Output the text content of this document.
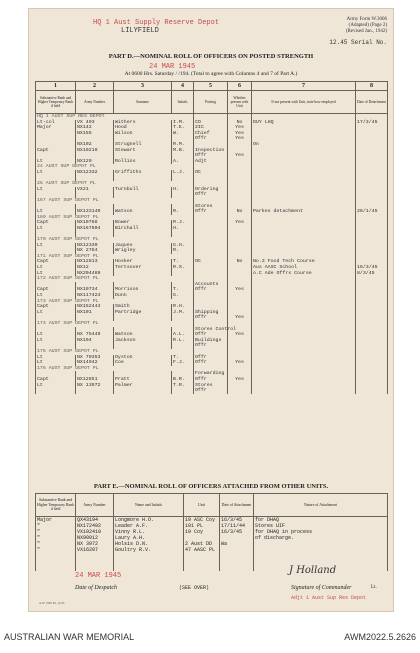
HQ 1 Aust Supply Reserve Depot
LILYFIELD
Army Form W.3006
(Adapted) (Page 2)
(Revised Jan., 1942)
12.45 Serial No.
PART D.—NOMINAL ROLL OF OFFICERS ON POSTED STRENGTH
24 MAR 1945
At 0600 Hrs. Saturday / /194. (Total to agree with Columns 4 and 7 of Part A.)
1	2	3	4	5	6	7	8
Substantive Rank and Higher Temporary Rank if held	Army Number	Surname	Initials	Posting	Whether present with Unit	If not present with Unit, state how employed	Date of Detachment
HQ 1 AUST SUP RES DEPOT							
Lt-col	VX 493	Withers	I.M.	CO	No	DUY LHQ	17/3/45
Major	NX142	Hood	T.E.	2IC	Yes		
	NX155	Wilson	W.	Chief	Yes		
				Offr	Yes		
	NX102	Strugnell	R.M.			On	
Capt	NX10219	Stewart	M.B.	Inspection			
				Offr	Yes		
Lt	NX129	Rollins	A.	Adjt			
24 AUST SUP DEPOT PL							
Lt	NX12332	Griffiths	L.J.	OC			

25 AUST SUP DEPOT PL							
Lt	VX21	Turnbull	H.	Ordering			
				Offr			
167 AUST SUP DEPOT PL							
				Stores			
Lt	NX133140	Watson	R.	Offr	No	Parkes detachment	26/1/45
169 AUST SUP DEPOT PL							
Capt	NX10768	Bower	R.J.		Yes		
Lt	NX167604	Birchall	H.				

170 AUST SUP DEPOT PL							
Lt	NX12330	Jaques	G.H.				
	NX 2784	Wrigley	R.				
171 AUST SUP DEPOT PL							
Capt	NX12813	Hosker	T.	OC	No	No.3 Food Tech Course	
Lt	NX12	Tertsover	R.S.			Aus AASC School	16/3/45
Lt	NX204489					o.C Ade Offrs Course	8/3/45
172 AUST SUP DEPOT PL							
				Accounts			
Capt	NX10734	Morrison	T.	Offr	Yes		
Lt	NX117424	Dunn	G.				
173 AUST SUP DEPOT PL							
Capt	NX152444	Smith	R.H.				
Lt	NX101	Partridge	J.M.	Shipping			
				Offr	Yes		
174 AUST SUP DEPOT PL							
				Stores Control			
Lt	NX 75449	Watson	A.L.	Offr	Yes		
Lt	NX104	Jackson	R.L.	Buildings			
				Offr			
175 AUST SUP DEPOT PL							
Lt	NX 70353	Oyston	T.	Offr			
Lt	NX14942	Coe	F.J.	Offr	Yes		
176 AUST SUP DEPOT PL							
				Forwarding			
Capt	NX12851	Pratt	B.R.	Offr	Yes		
Lt	NX 13972	Palmer	T.R.	Stores			
				Offr			
PART E.—NOMINAL ROLL OF OFFICERS ATTACHED FROM OTHER UNITS.
Substantive Rank and Higher Temporary Rank if held	Army Number	Name and Initials	Unit	Date of Attachment	Nature of Attachment
Major	QX43194	Longmore H.O.	19 ASC Coy	16/3/45	for DHAQ
"	NX172492	Leader A.F.	101 PL	17/11/44	Stores UIF
"	VX102410	Vinny R.L.	19 Coy	16/3/45	for DHAQ in process
"	NX90912	Laury A.H.			of discharge.
"	NX 3972	Holsis D.N.	2 Aust DD	Wa	
"	VX16207	Goultry R.V.	47 AASC PL		

24 MAR 1945
Date of Despatch	(SEE OVER)
J Holland
Signature of Commander	Lt.
Adjt 1 Aust Sup Res Depot
A.W. 1985 Ed. 12/43
AUSTRALIAN WAR MEMORIAL	AWM2022.5.2626
